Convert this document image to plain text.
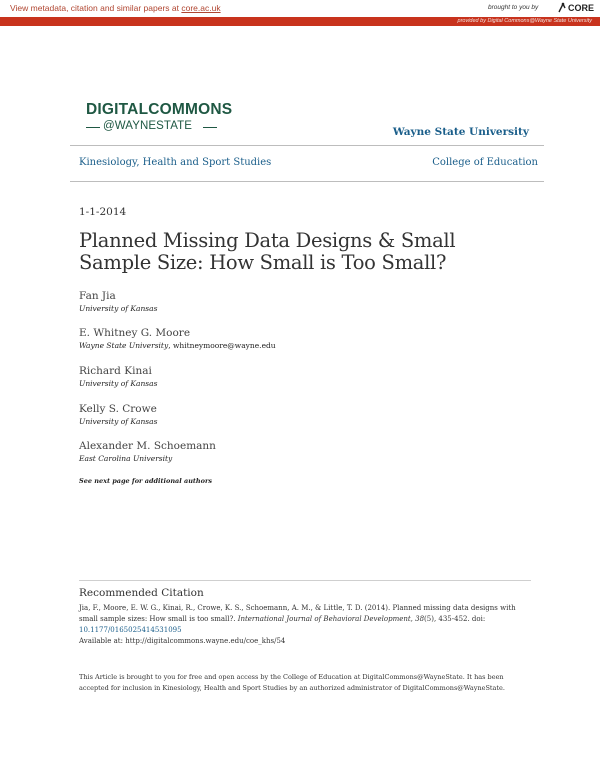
View metadata, citation and similar papers at core.ac.uk	brought to you by	CORE
provided by Digital Commons@Wayne State University
DIGITALCOMMONS
@WAYNESTATE	Wayne State University
Kinesiology, Health and Sport Studies	College of Education
1-1-2014
Planned Missing Data Designs & Small Sample Size: How Small is Too Small?
Fan Jia
University of Kansas
E. Whitney G. Moore
Wayne State University, whitneymoore@wayne.edu
Richard Kinai
University of Kansas
Kelly S. Crowe
University of Kansas
Alexander M. Schoemann
East Carolina University
See next page for additional authors
Recommended Citation
Jia, F., Moore, E. W. G., Kinai, R., Crowe, K. S., Schoemann, A. M., & Little, T. D. (2014). Planned missing data designs with small sample sizes: How small is too small?. International Journal of Behavioral Development, 38(5), 435-452. doi: 10.1177/0165025414531095
Available at: http://digitalcommons.wayne.edu/coe_khs/54
This Article is brought to you for free and open access by the College of Education at DigitalCommons@WayneState. It has been accepted for inclusion in Kinesiology, Health and Sport Studies by an authorized administrator of DigitalCommons@WayneState.
